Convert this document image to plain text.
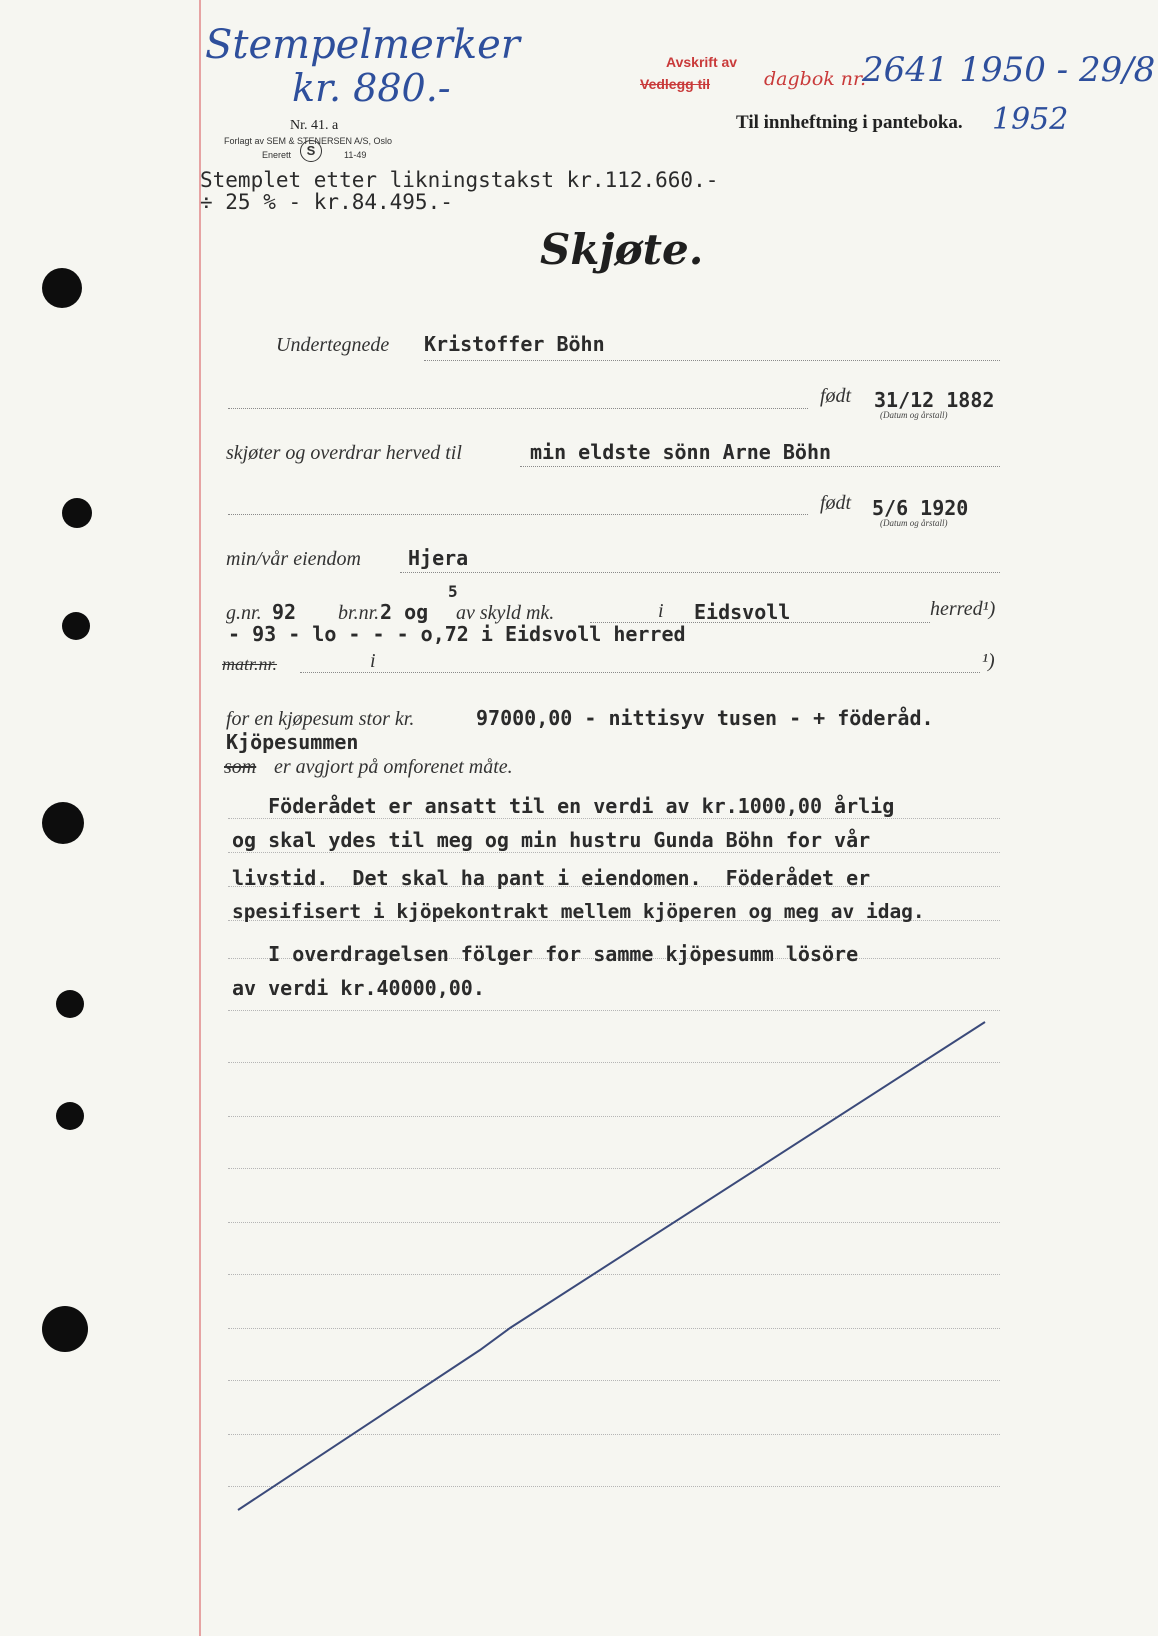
Stempelmerker
kr. 880.-
Nr. 41. a
Forlagt av SEM & STENERSEN A/S, Oslo
Enerett	S	11-49
Avskrift av
Vedlegg til	dagbok nr.
2641 1950 - 29/8
Til innheftning i panteboka. 1952
Stemplet etter likningstakst kr.112.660.-
÷ 25 % - kr.84.495.-
Skjøte.
Undertegnede Kristoffer Böhn
født 31/12 1882
(Datum og årstall)
skjøter og overdrar herved til	min eldste sönn Arne Böhn
født 5/6 1920
(Datum og årstall)
min/vår eiendom Hjera
g.nr. 92 br.nr. 2 og
5
av skyld mk.	i Eidsvoll	herred¹)
- 93 - lo - - - o,72 i Eidsvoll herred
matr.nr.	i	¹)
for en kjøpesum stor kr.	97000,00 - nittisyv tusen - + föderåd.
Kjöpesummen
som er avgjort på omforenet måte.
Föderådet er ansatt til en verdi av kr.1000,00 årlig
og skal ydes til meg og min hustru Gunda Böhn for vår
livstid.  Det skal ha pant i eiendomen.  Föderådet er
spesifisert i kjöpekontrakt mellem kjöperen og meg av idag.
I overdragelsen fölger for samme kjöpesumm lösöre
av verdi kr.40000,00.
